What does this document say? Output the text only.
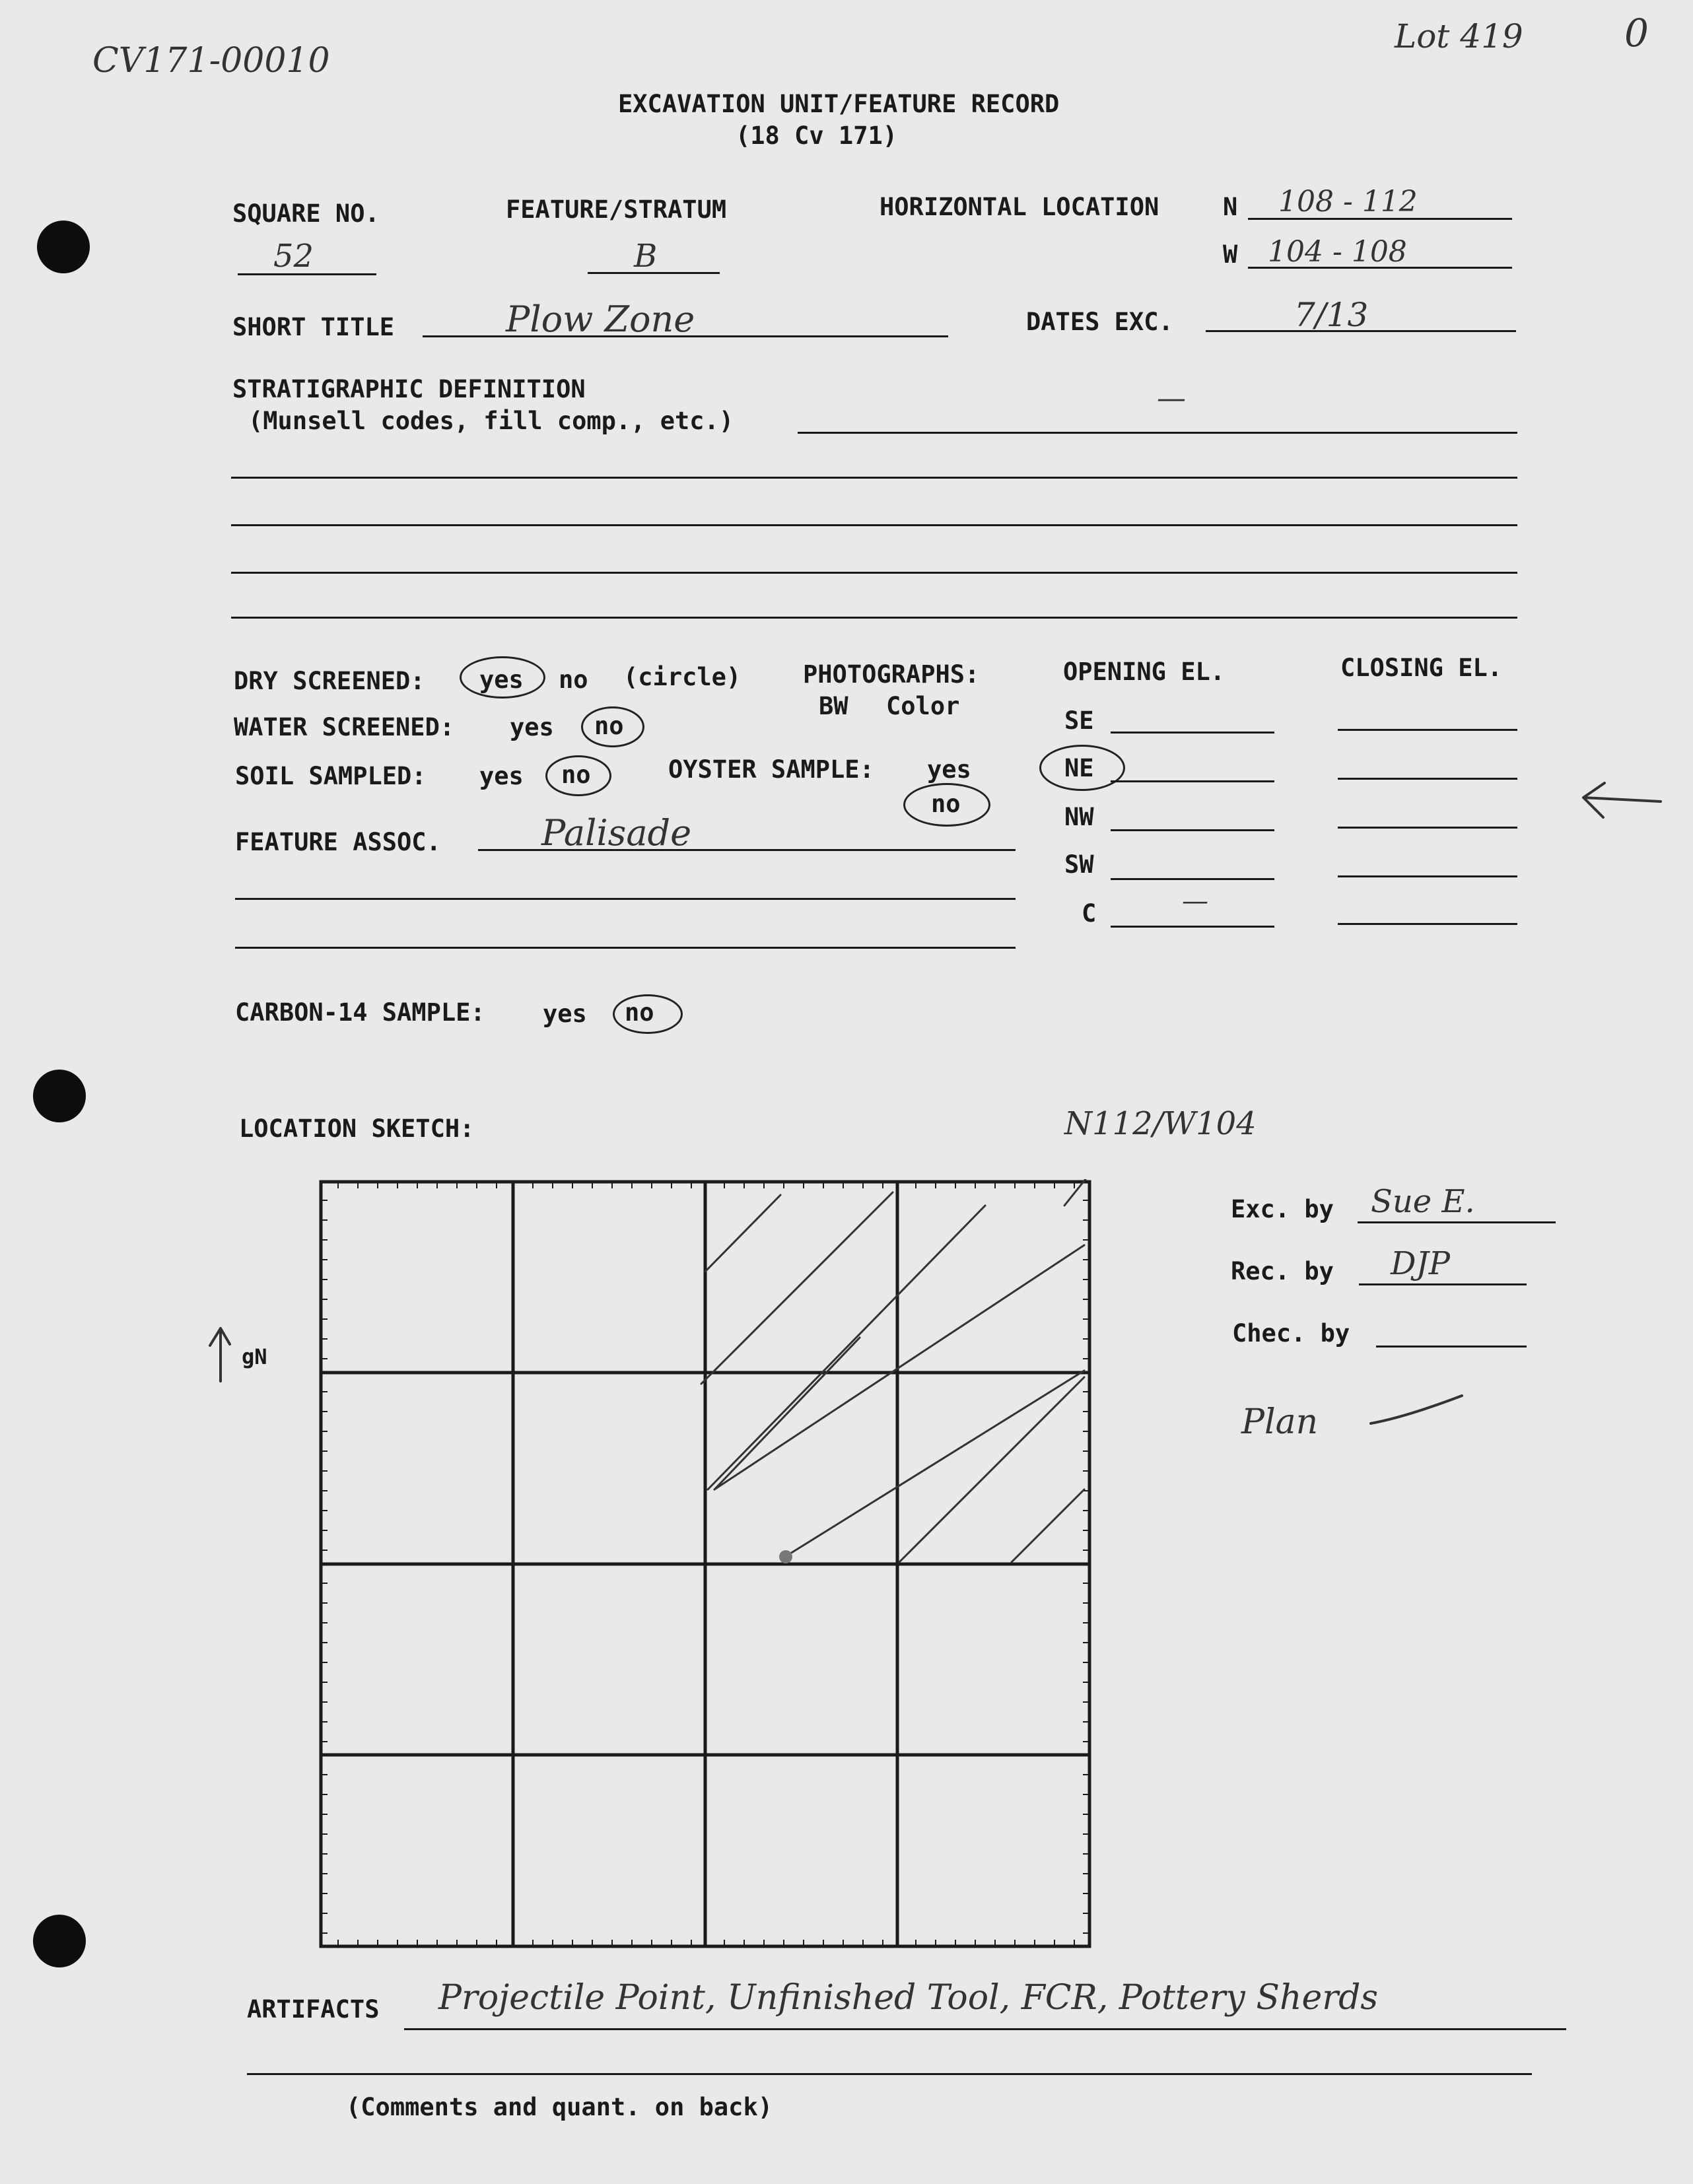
CV171-00010
Lot 419	0
EXCAVATION UNIT/FEATURE RECORD
(18 Cv 171)
SQUARE NO.
52
FEATURE/STRATUM
B
HORIZONTAL LOCATION	N 108 - 112
W 104 - 108
SHORT TITLE	Plow Zone	DATES EXC.	7/13
STRATIGRAPHIC DEFINITION
(Munsell codes, fill comp., etc.)
—
DRY SCREENED: yes no (circle)
WATER SCREENED: yes no
SOIL SAMPLED: yes no	OYSTER SAMPLE: yes
no
PHOTOGRAPHS:
BW Color
OPENING EL.	CLOSING EL.
SE
NE
NW
SW
C	—
FEATURE ASSOC.	Palisade
CARBON-14 SAMPLE: yes no
LOCATION SKETCH:	N112/W104
gN
Exc. by Sue E.
Rec. by DJP
Chec. by
Plan
ARTIFACTS Projectile Point, Unfinished Tool, FCR, Pottery Sherds
(Comments and quant. on back)
